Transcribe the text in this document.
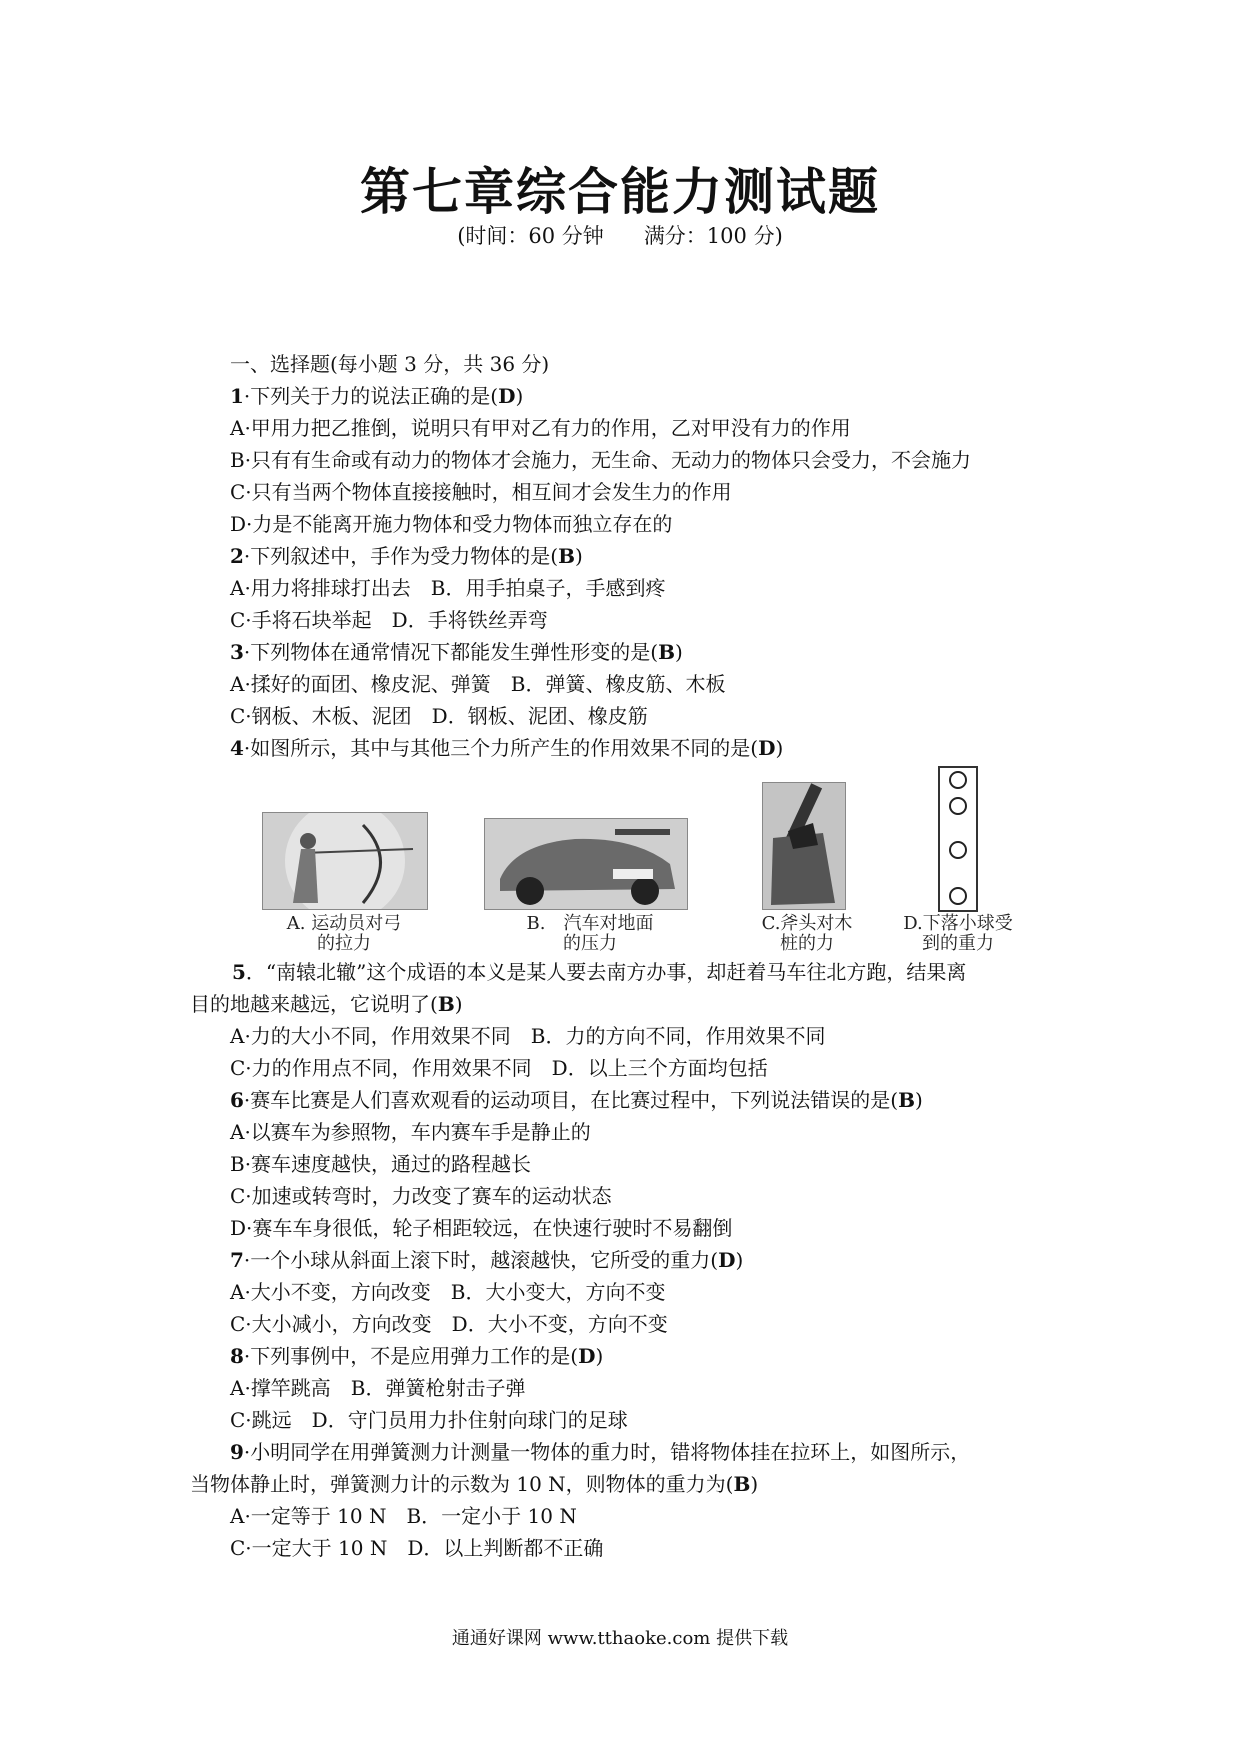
第七章综合能力测试题
(时间：60 分钟 满分：100 分)
一、选择题(每小题 3 分，共 36 分)
1·下列关于力的说法正确的是(D)
A·甲用力把乙推倒，说明只有甲对乙有力的作用，乙对甲没有力的作用
B·只有有生命或有动力的物体才会施力，无生命、无动力的物体只会受力，不会施力
C·只有当两个物体直接接触时，相互间才会发生力的作用
D·力是不能离开施力物体和受力物体而独立存在的
2·下列叙述中，手作为受力物体的是(B)
A·用力将排球打出去　B．用手拍桌子，手感到疼
C·手将石块举起　D．手将铁丝弄弯
3·下列物体在通常情况下都能发生弹性形变的是(B)
A·揉好的面团、橡皮泥、弹簧　B．弹簧、橡皮筋、木板
C·钢板、木板、泥团　D．钢板、泥团、橡皮筋
4·如图所示，其中与其他三个力所产生的作用效果不同的是(D)
A. 运动员对弓
的拉力
B.　汽车对地面
的压力
C.斧头对木
桩的力
D.下落小球受
到的重力
5．“南辕北辙”这个成语的本义是某人要去南方办事，却赶着马车往北方跑，结果离
目的地越来越远，它说明了(B)
A·力的大小不同，作用效果不同　B．力的方向不同，作用效果不同
C·力的作用点不同，作用效果不同　D．以上三个方面均包括
6·赛车比赛是人们喜欢观看的运动项目，在比赛过程中，下列说法错误的是(B)
A·以赛车为参照物，车内赛车手是静止的
B·赛车速度越快，通过的路程越长
C·加速或转弯时，力改变了赛车的运动状态
D·赛车车身很低，轮子相距较远，在快速行驶时不易翻倒
7·一个小球从斜面上滚下时，越滚越快，它所受的重力(D)
A·大小不变，方向改变　B．大小变大，方向不变
C·大小减小，方向改变　D．大小不变，方向不变
8·下列事例中，不是应用弹力工作的是(D)
A·撑竿跳高　B．弹簧枪射击子弹
C·跳远　D．守门员用力扑住射向球门的足球
9·小明同学在用弹簧测力计测量一物体的重力时，错将物体挂在拉环上，如图所示，
当物体静止时，弹簧测力计的示数为 10 N，则物体的重力为(B)
A·一定等于 10 N　B．一定小于 10 N
C·一定大于 10 N　D．以上判断都不正确
通通好课网 www.tthaoke.com 提供下载
